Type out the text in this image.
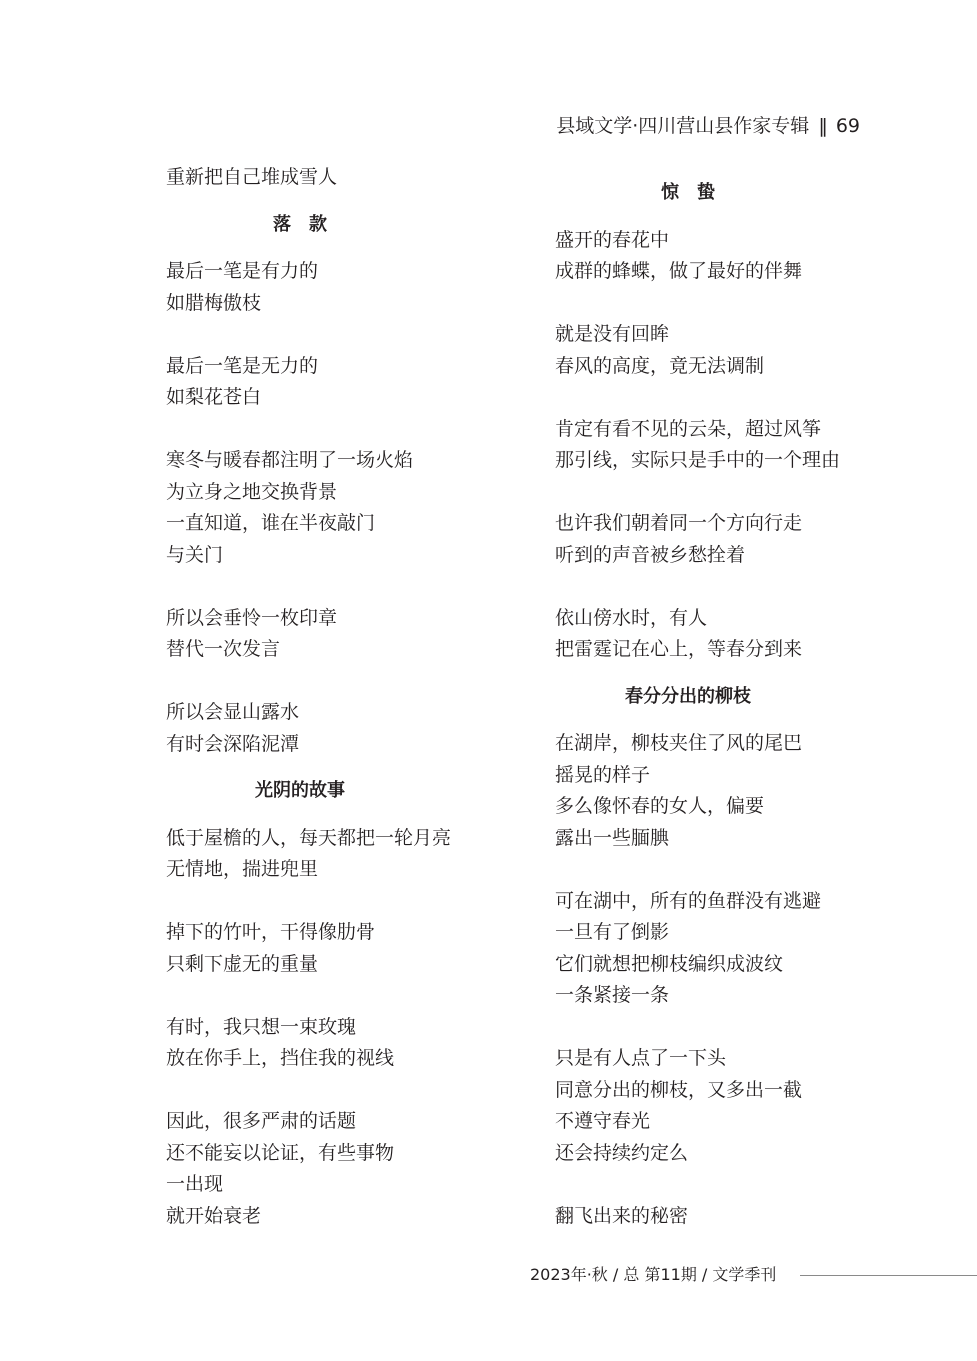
县域文学·四川营山县作家专辑 ‖ 69
重新把自己堆成雪人
落　款
最后一笔是有力的
如腊梅傲枝
最后一笔是无力的
如梨花苍白
寒冬与暖春都注明了一场火焰
为立身之地交换背景
一直知道，谁在半夜敲门
与关门
所以会垂怜一枚印章
替代一次发言
所以会显山露水
有时会深陷泥潭
光阴的故事
低于屋檐的人，每天都把一轮月亮
无情地，揣进兜里
掉下的竹叶，干得像肋骨
只剩下虚无的重量
有时，我只想一束玫瑰
放在你手上，挡住我的视线
因此，很多严肃的话题
还不能妄以论证，有些事物
一出现
就开始衰老
惊　蛰
盛开的春花中
成群的蜂蝶，做了最好的伴舞
就是没有回眸
春风的高度，竟无法调制
肯定有看不见的云朵，超过风筝
那引线，实际只是手中的一个理由
也许我们朝着同一个方向行走
听到的声音被乡愁拴着
依山傍水时，有人
把雷霆记在心上，等春分到来
春分分出的柳枝
在湖岸，柳枝夹住了风的尾巴
摇晃的样子
多么像怀春的女人，偏要
露出一些腼腆
可在湖中，所有的鱼群没有逃避
一旦有了倒影
它们就想把柳枝编织成波纹
一条紧接一条
只是有人点了一下头
同意分出的柳枝，又多出一截
不遵守春光
还会持续约定么
翻飞出来的秘密
2023年·秋 / 总 第11期 / 文学季刊
